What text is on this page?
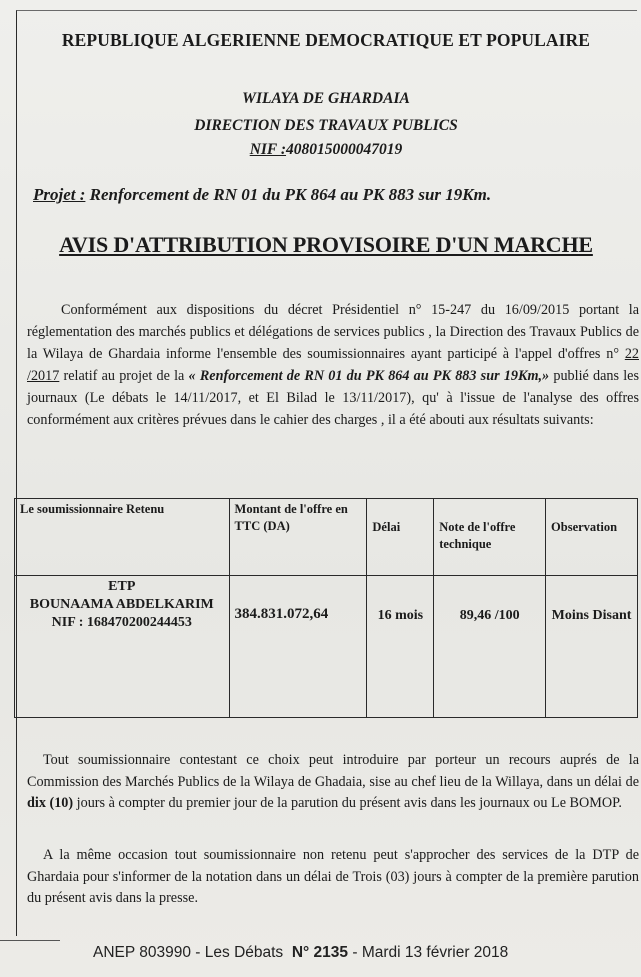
REPUBLIQUE ALGERIENNE DEMOCRATIQUE ET POPULAIRE
WILAYA DE GHARDAIA
DIRECTION DES TRAVAUX PUBLICS
NIF :408015000047019
Projet : Renforcement de RN 01 du PK 864 au PK 883 sur 19Km.
AVIS D'ATTRIBUTION PROVISOIRE D'UN MARCHE
Conformément aux dispositions du décret Présidentiel n° 15-247 du 16/09/2015 portant la réglementation des marchés publics et délégations de services publics , la Direction des Travaux Publics de la Wilaya de Ghardaia informe l'ensemble des soumissionnaires ayant participé à l'appel d'offres n° 22 /2017 relatif au projet de la « Renforcement de RN 01 du PK 864 au PK 883 sur 19Km,» publié dans les journaux (Le débats le 14/11/2017, et El Bilad le 13/11/2017), qu' à l'issue de l'analyse des offres conformément aux critères prévues dans le cahier des charges , il a été abouti aux résultats suivants:
Le soumissionnaire Retenu	Montant de l'offre en TTC (DA)	Délai	Note de l'offre technique	Observation

ETP
BOUNAAMA ABDELKARIM
NIF : 168470200244453	384.831.072,64	16 mois	89,46 /100	Moins Disant
Tout soumissionnaire contestant ce choix peut introduire par porteur un recours auprés de la Commission des Marchés Publics de la Wilaya de Ghadaia, sise au chef lieu de la Willaya, dans un délai de dix (10) jours à compter du premier jour de la parution du présent avis dans les journaux ou Le BOMOP.
A la même occasion tout soumissionnaire non retenu peut s'approcher des services de la DTP de Ghardaia pour s'informer de la notation dans un délai de Trois (03) jours à compter de la première parution du présent avis dans la presse.
ANEP 803990 - Les Débats N° 2135 - Mardi 13 février 2018
